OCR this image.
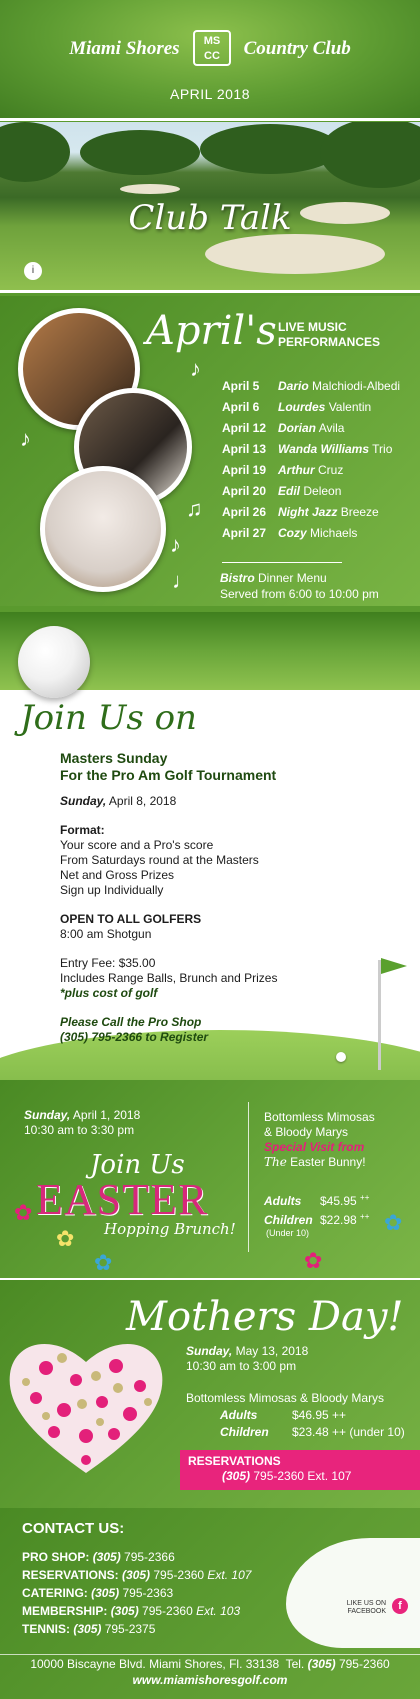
Miami Shores	Country Club
MS CC
APRIL 2018
Club Talk
i
♪
♪
♫
♪
♩
April's LIVE MUSIC
PERFORMANCES
April 5 Dario Malchiodi-Albedi
April 6 Lourdes Valentin
April 12 Dorian Avila
April 13 Wanda Williams Trio
April 19 Arthur Cruz
April 20 Edil Deleon
April 26 Night Jazz Breeze
April 27 Cozy Michaels
Bistro Dinner Menu
Served from 6:00 to 10:00 pm
Join Us on
Masters Sunday
For the Pro Am Golf Tournament

Sunday, April 8, 2018

Format:

Your score and a Pro's score

From Saturdays round at the Masters

Net and Gross Prizes

Sign up Individually

OPEN TO ALL GOLFERS

8:00 am Shotgun

Entry Fee: $35.00

Includes Range Balls, Brunch and Prizes

*plus cost of golf

Please Call the Pro Shop

(305) 795-2366 to Register

Sunday, April 1, 2018
10:30 am to 3:30 pm
Join Us
EASTER
Hopping Brunch!
✿
✿
✿	✿
✿
Bottomless Mimosas
& Bloody Marys
Special Visit from
The Easter Bunny!
Adults $45.95 ++
Children $22.98 ++
(Under 10)
Mothers Day!
Sunday, May 13, 2018
10:30 am to 3:00 pm
Bottomless Mimosas & Bloody Marys
Adults	$46.95 ++
Children $23.48 ++ (under 10)
RESERVATIONS
(305) 795-2360 Ext. 107
CONTACT US:
PRO SHOP: (305) 795-2366
RESERVATIONS: (305) 795-2360 Ext. 107
CATERING: (305) 795-2363
MEMBERSHIP: (305) 795-2360 Ext. 103
TENNIS: (305) 795-2375
LIKE US ON
FACEBOOK	f
10000 Biscayne Blvd. Miami Shores, Fl. 33138 Tel. (305) 795-2360
www.miamishoresgolf.com
